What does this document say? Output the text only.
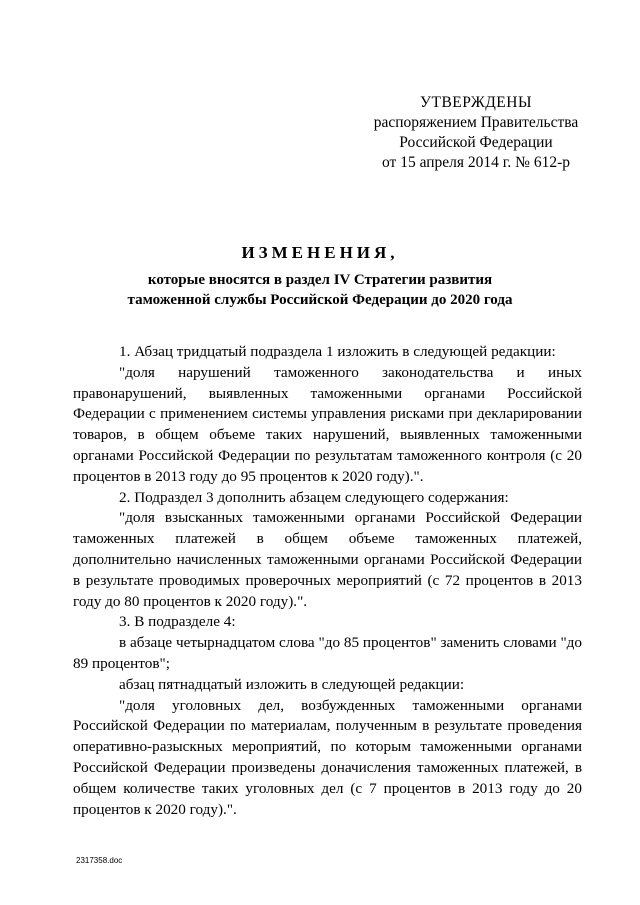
УТВЕРЖДЕНЫ
распоряжением Правительства
Российской Федерации
от 15 апреля 2014 г. № 612-р
ИЗМЕНЕНИЯ,
которые вносятся в раздел IV Стратегии развития
таможенной службы Российской Федерации до 2020 года

1. Абзац тридцатый подраздела 1 изложить в следующей редакции:

"доля нарушений таможенного законодательства и иных правонарушений, выявленных таможенными органами Российской Федерации с применением системы управления рисками при декларировании товаров, в общем объеме таких нарушений, выявленных таможенными органами Российской Федерации по результатам таможенного контроля (с 20 процентов в 2013 году до 95 процентов к 2020 году).".

2. Подраздел 3 дополнить абзацем следующего содержания:

"доля взысканных таможенными органами Российской Федерации таможенных платежей в общем объеме таможенных платежей, дополнительно начисленных таможенными органами Российской Федерации в результате проводимых проверочных мероприятий (с 72 процентов в 2013 году до 80 процентов к 2020 году).".

3. В подразделе 4:

в абзаце четырнадцатом слова "до 85 процентов" заменить словами "до 89 процентов";

абзац пятнадцатый изложить в следующей редакции:

"доля уголовных дел, возбужденных таможенными органами Российской Федерации по материалам, полученным в результате проведения оперативно-разыскных мероприятий, по которым таможенными органами Российской Федерации произведены доначисления таможенных платежей, в общем количестве таких уголовных дел (с 7 процентов в 2013 году до 20 процентов к 2020 году).".

2317358.doc
